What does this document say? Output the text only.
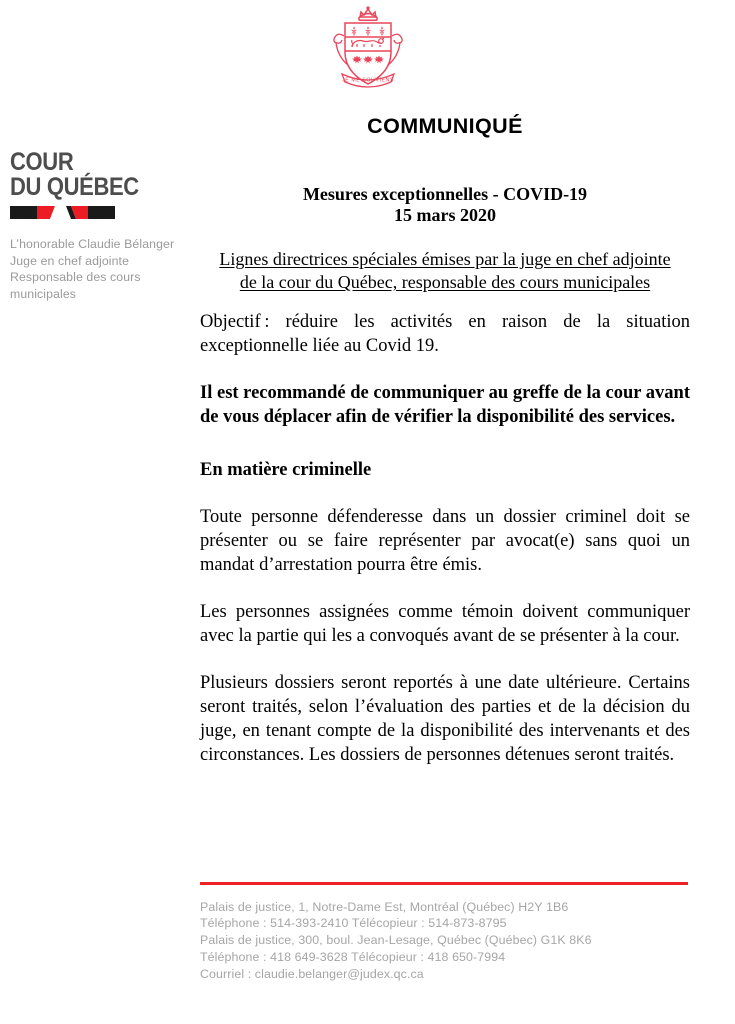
JE ME SOUVIENS
COUR
DU QUÉBEC
L’honorable Claudie Bélanger
Juge en chef adjointe
Responsable des cours
municipales
COMMUNIQUÉ
Mesures exceptionnelles - COVID-19
15 mars 2020
Lignes directrices spéciales émises par la juge en chef adjointe
de la cour du Québec, responsable des cours municipales

Objectif : réduire les activités en raison de la situation exceptionnelle liée au Covid 19.

Il est recommandé de communiquer au greffe de la cour avant de vous déplacer afin de vérifier la disponibilité des services.

En matière criminelle

Toute personne défenderesse dans un dossier criminel doit se présenter ou se faire représenter par avocat(e) sans quoi un mandat d’arrestation pourra être émis.

Les personnes assignées comme témoin doivent communiquer avec la partie qui les a convoqués avant de se présenter à la cour.

Plusieurs dossiers seront reportés à une date ultérieure. Certains seront traités, selon l’évaluation des parties et de la décision du juge, en tenant compte de la disponibilité des intervenants et des circonstances. Les dossiers de personnes détenues seront traités.

Palais de justice, 1, Notre-Dame Est, Montréal (Québec) H2Y 1B6
Téléphone : 514-393-2410 Télécopieur : 514-873-8795
Palais de justice, 300, boul. Jean-Lesage, Québec (Québec) G1K 8K6
Téléphone : 418 649-3628 Télécopieur : 418 650-7994
Courriel : claudie.belanger@judex.qc.ca
